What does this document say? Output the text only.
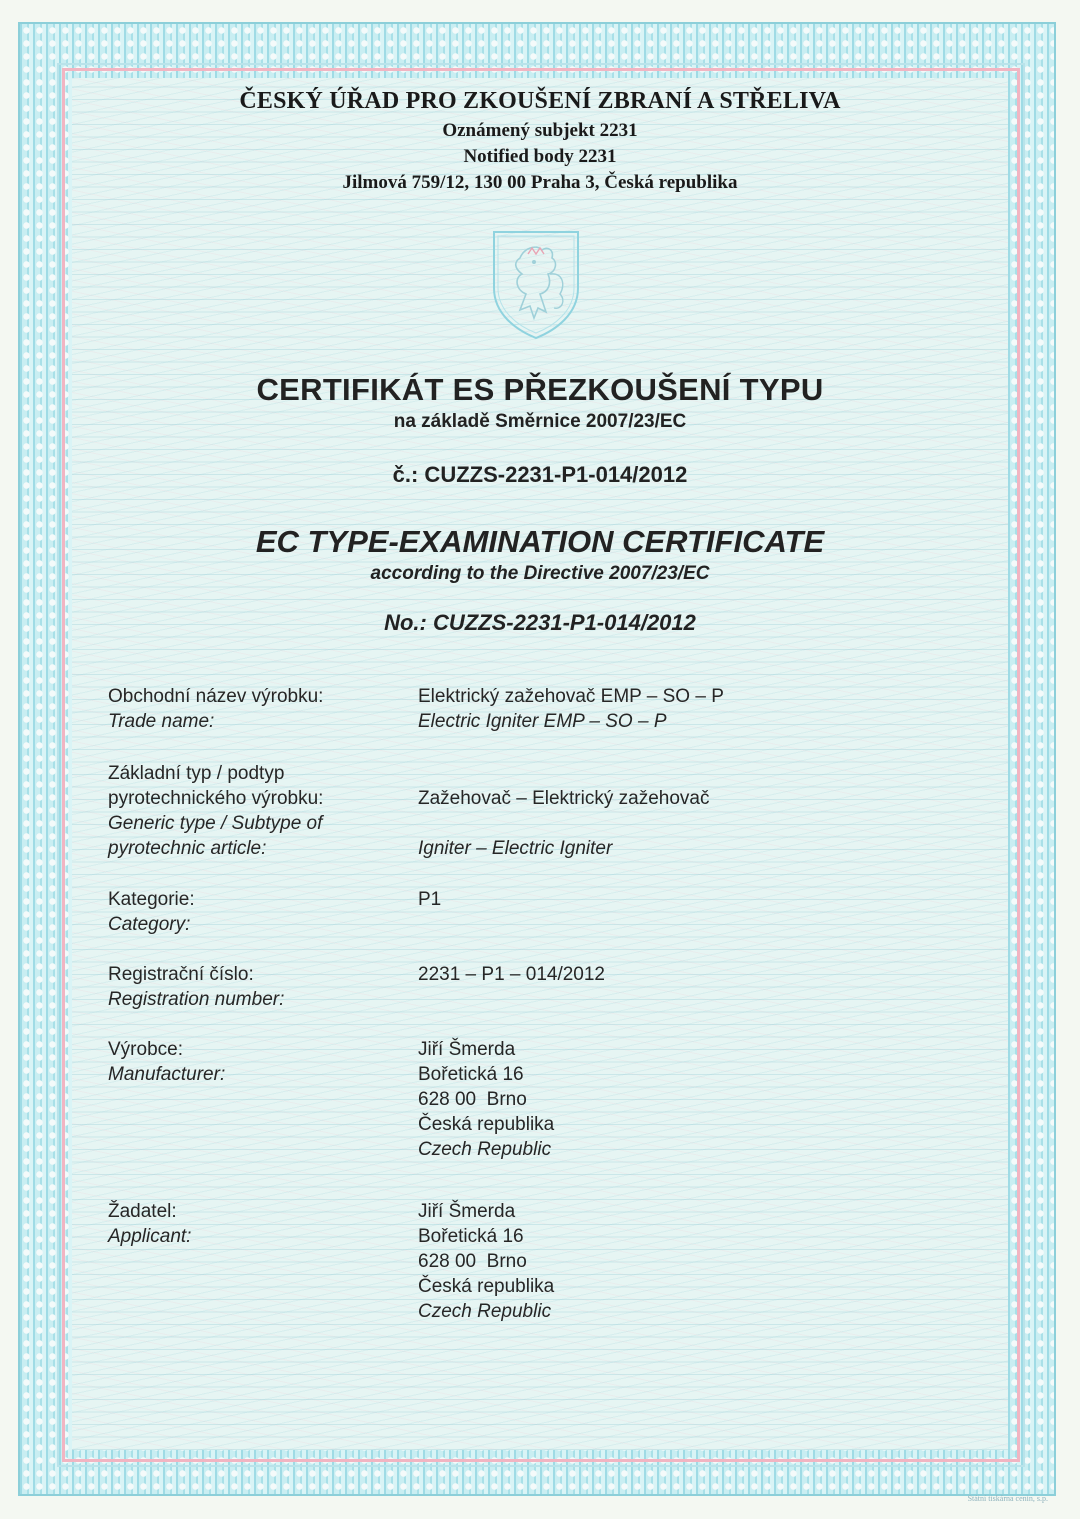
ČESKÝ ÚŘAD PRO ZKOUŠENÍ ZBRANÍ A STŘELIVA
Oznámený subjekt 2231
Notified body 2231
Jilmová 759/12, 130 00 Praha 3, Česká republika
CERTIFIKÁT ES PŘEZKOUŠENÍ TYPU
na základě Směrnice 2007/23/EC
č.: CUZZS-2231-P1-014/2012
EC TYPE-EXAMINATION CERTIFICATE
according to the Directive 2007/23/EC
No.: CUZZS-2231-P1-014/2012
Obchodní název výrobku:
Trade name:
Elektrický zažehovač EMP – SO – P
Electric Igniter EMP – SO – P
Základní typ / podtyp
pyrotechnického výrobku:
Generic type / Subtype of
pyrotechnic article:
Zažehovač – Elektrický zažehovač
Igniter – Electric Igniter
Kategorie:
Category:
P1
Registrační číslo:
Registration number:
2231 – P1 – 014/2012
Výrobce:
Manufacturer:
Jiří Šmerda
Bořetická 16
628 00  Brno
Česká republika
Czech Republic
Žadatel:
Applicant:
Jiří Šmerda
Bořetická 16
628 00  Brno
Česká republika
Czech Republic
Státní tiskárna cenin, s.p.
